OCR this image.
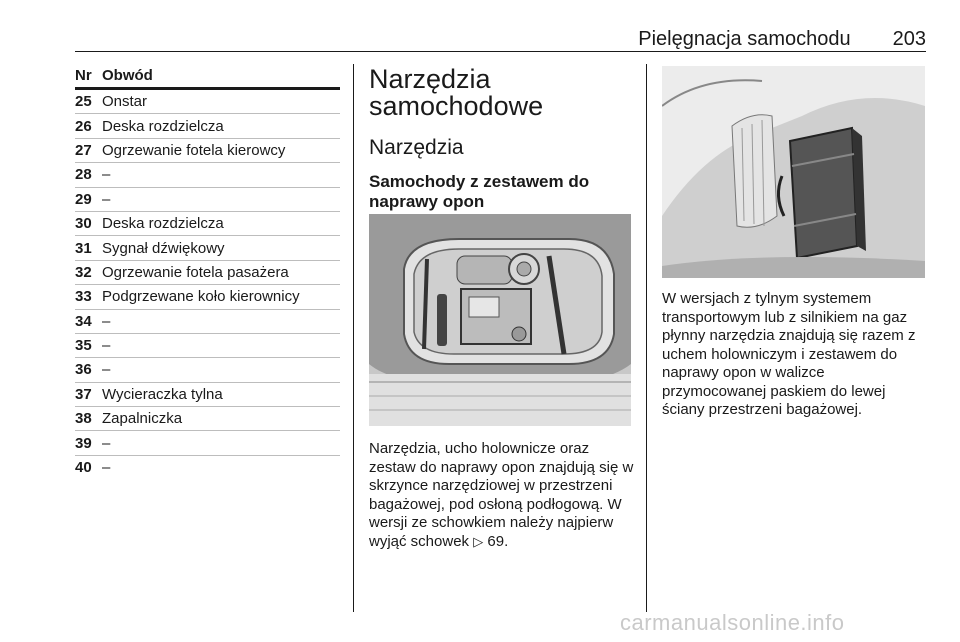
Pielęgnacja samochodu 203
Nr Obwód
25 Onstar
26 Deska rozdzielcza
27 Ogrzewanie fotela kierowcy
28 –
29 –
30 Deska rozdzielcza
31 Sygnał dźwiękowy
32 Ogrzewanie fotela pasażera
33 Podgrzewane koło kierownicy
34 –
35 –
36 –
37 Wycieraczka tylna
38 Zapalniczka
39 –
40 –
Narzędzia
samochodowe
Narzędzia
Samochody z zestawem do
naprawy opon

Narzędzia, ucho holownicze oraz zestaw do naprawy opon znajdują się w skrzynce narzędziowej w przestrzeni bagażowej, pod osłoną podłogową. W wersji ze schowkiem należy najpierw wyjąć schowek ▷ 69.

W wersjach z tylnym systemem transportowym lub z silnikiem na gaz płynny narzędzia znajdują się razem z uchem holowniczym i zestawem do naprawy opon w walizce przymocowanej paskiem do lewej ściany przestrzeni bagażowej.

carmanualsonline.info
